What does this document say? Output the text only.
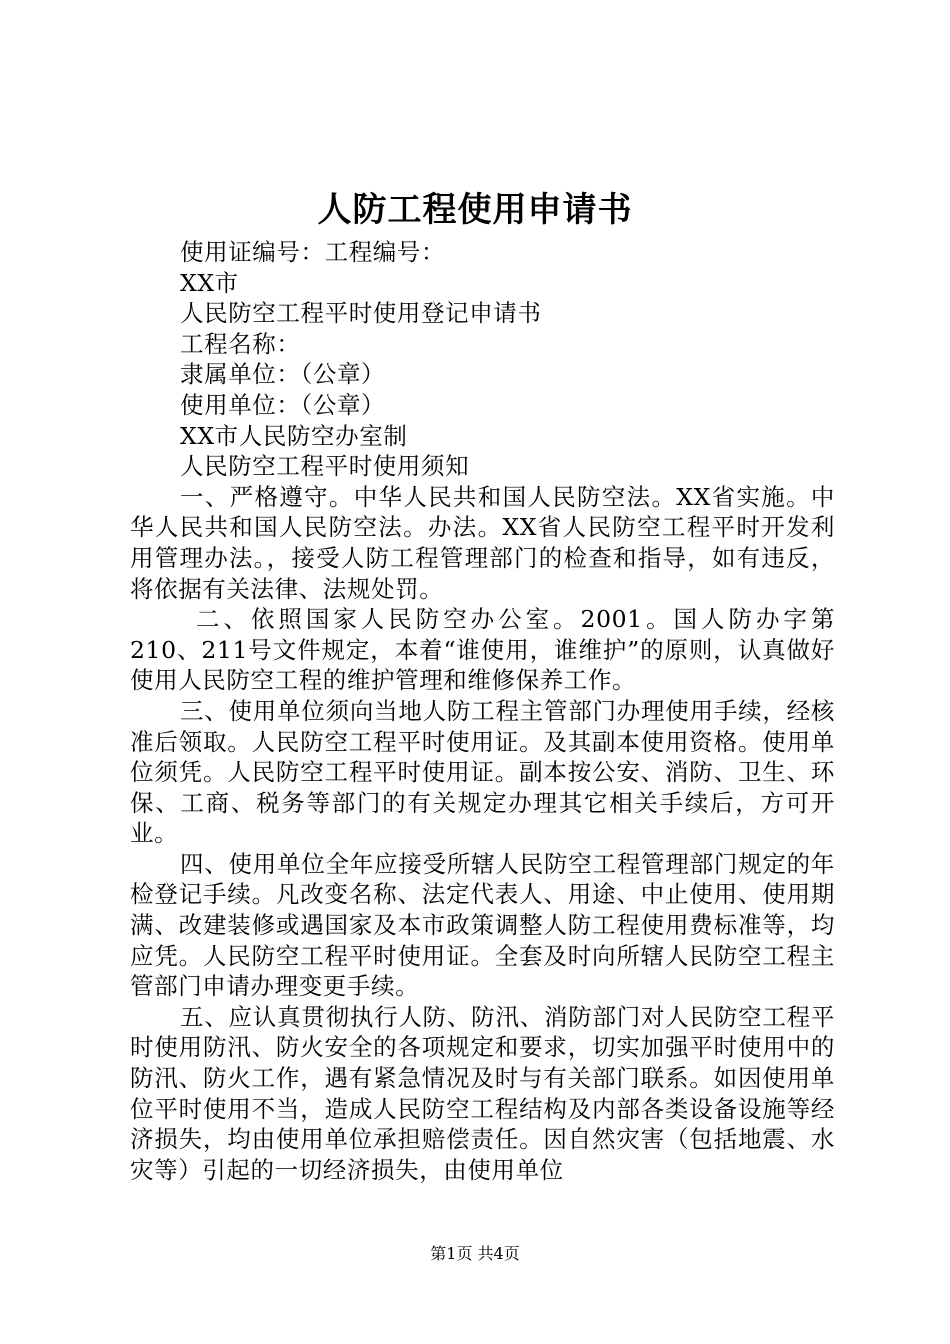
人防工程使用申请书
使用证编号：工程编号：
XX市
人民防空工程平时使用登记申请书
工程名称：
隶属单位：（公章）
使用单位：（公章）
XX市人民防空办室制
人民防空工程平时使用须知
一、严格遵守。中华人民共和国人民防空法。XX省实施。中华人民共和国人民防空法。办法。XX省人民防空工程平时开发利用管理办法。，接受人防工程管理部门的检查和指导，如有违反，将依据有关法律、法规处罚。
二、依照国家人民防空办公室。2001。国人防办字第210、211号文件规定，本着“谁使用，谁维护”的原则，认真做好使用人民防空工程的维护管理和维修保养工作。
三、使用单位须向当地人防工程主管部门办理使用手续，经核准后领取。人民防空工程平时使用证。及其副本使用资格。使用单位须凭。人民防空工程平时使用证。副本按公安、消防、卫生、环保、工商、税务等部门的有关规定办理其它相关手续后，方可开业。
四、使用单位全年应接受所辖人民防空工程管理部门规定的年检登记手续。凡改变名称、法定代表人、用途、中止使用、使用期满、改建装修或遇国家及本市政策调整人防工程使用费标准等，均应凭。人民防空工程平时使用证。全套及时向所辖人民防空工程主管部门申请办理变更手续。
五、应认真贯彻执行人防、防汛、消防部门对人民防空工程平时使用防汛、防火安全的各项规定和要求，切实加强平时使用中的防汛、防火工作，遇有紧急情况及时与有关部门联系。如因使用单位平时使用不当，造成人民防空工程结构及内部各类设备设施等经济损失，均由使用单位承担赔偿责任。因自然灾害（包括地震、水灾等）引起的一切经济损失，由使用单位
第1页 共4页
